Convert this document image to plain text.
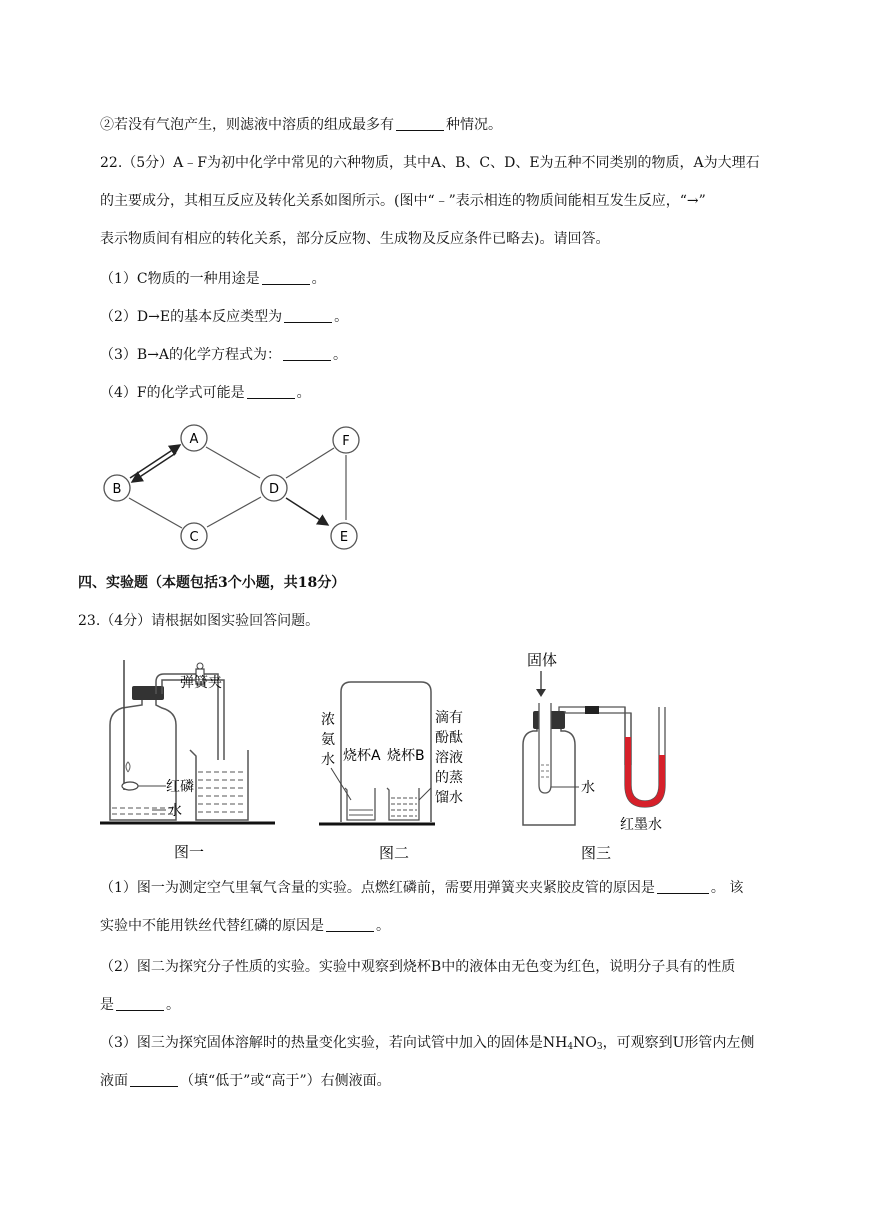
②若没有气泡产生，则滤液中溶质的组成最多有	种情况。
22.（5分）A﹣F为初中化学中常见的六种物质，其中A、B、C、D、E为五种不同类别的物质，A为大理石
的主要成分，其相互反应及转化关系如图所示。(图中“﹣”表示相连的物质间能相互发生反应，“→”
表示物质间有相应的转化关系，部分反应物、生成物及反应条件已略去)。请回答。
（1）C物质的一种用途是	。
（2）D→E的基本反应类型为	。
（3）B→A的化学方程式为：	。
（4）F的化学式可能是	。
A
B
C
D
E
F
四、实验题（本题包括3个小题，共18分）
23.（4分）请根据如图实验回答问题。
弹簧夹
红磷
水
图一
浓
氨
水 烧杯A 烧杯B
滴有
酚酞
溶液
的蒸
馏水
图二
固体
水
红墨水
图三
（1）图一为测定空气里氧气含量的实验。点燃红磷前，需要用弹簧夹夹紧胶皮管的原因是	。 该
实验中不能用铁丝代替红磷的原因是	。
（2）图二为探究分子性质的实验。实验中观察到烧杯B中的液体由无色变为红色，说明分子具有的性质
是	。
（3）图三为探究固体溶解时的热量变化实验，若向试管中加入的固体是$NH_4NO_3$，可观察到U形管内左侧
液面	（填“低于”或“高于”）右侧液面。
